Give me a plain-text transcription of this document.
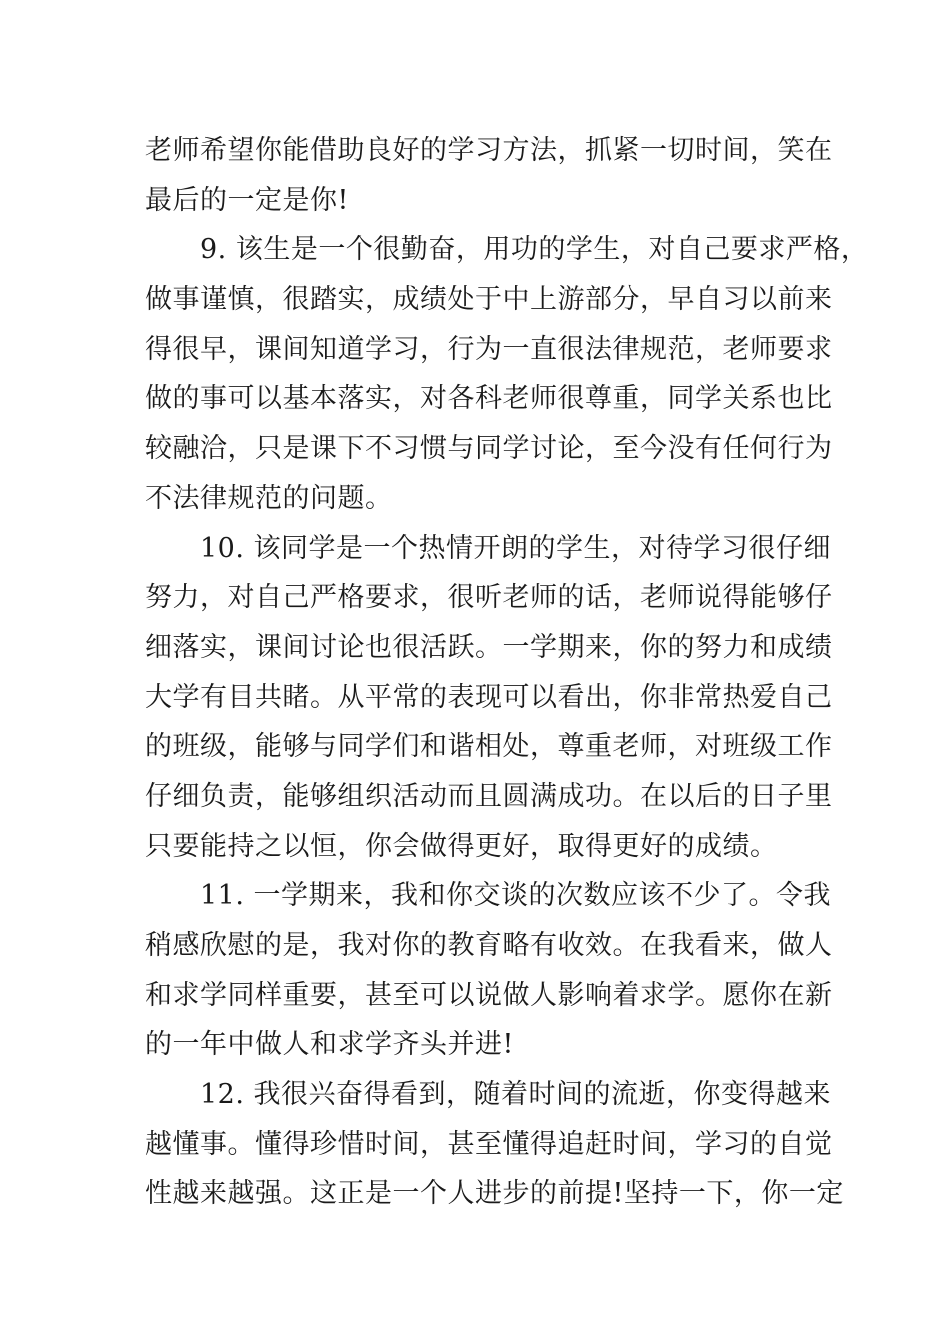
老师希望你能借助良好的学习方法，抓紧一切时间，笑在
最后的一定是你!
9. 该生是一个很勤奋，用功的学生，对自己要求严格，
做事谨慎，很踏实，成绩处于中上游部分，早自习以前来
得很早，课间知道学习，行为一直很法律规范，老师要求
做的事可以基本落实，对各科老师很尊重，同学关系也比
较融洽，只是课下不习惯与同学讨论，至今没有任何行为
不法律规范的问题。
10. 该同学是一个热情开朗的学生，对待学习很仔细
努力，对自己严格要求，很听老师的话，老师说得能够仔
细落实，课间讨论也很活跃。一学期来，你的努力和成绩
大学有目共睹。从平常的表现可以看出，你非常热爱自己
的班级，能够与同学们和谐相处，尊重老师，对班级工作
仔细负责，能够组织活动而且圆满成功。在以后的日子里
只要能持之以恒，你会做得更好，取得更好的成绩。
11. 一学期来，我和你交谈的次数应该不少了。令我
稍感欣慰的是，我对你的教育略有收效。在我看来，做人
和求学同样重要，甚至可以说做人影响着求学。愿你在新
的一年中做人和求学齐头并进!
12. 我很兴奋得看到，随着时间的流逝，你变得越来
越懂事。懂得珍惜时间，甚至懂得追赶时间，学习的自觉
性越来越强。这正是一个人进步的前提!坚持一下，你一定
